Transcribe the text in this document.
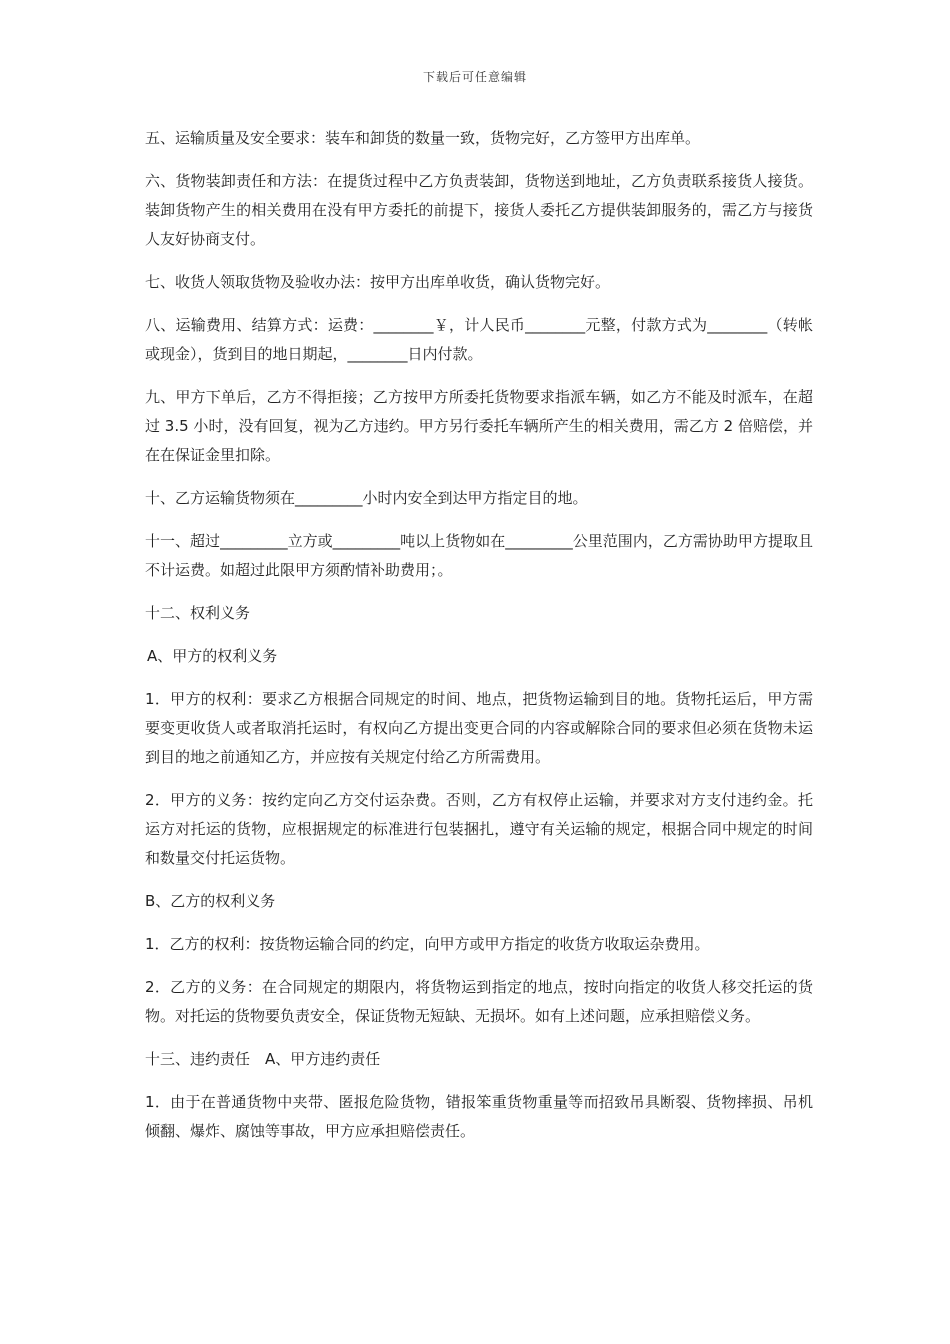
下载后可任意编辑

五、运输质量及安全要求：装车和卸货的数量一致，货物完好，乙方签甲方出库单。

六、货物装卸责任和方法：在提货过程中乙方负责装卸，货物送到地址，乙方负责联系接货人接货。装卸货物产生的相关费用在没有甲方委托的前提下，接货人委托乙方提供装卸服务的，需乙方与接货人友好协商支付。

七、收货人领取货物及验收办法：按甲方出库单收货，确认货物完好。

八、运输费用、结算方式：运费：________￥，计人民币________元整，付款方式为________（转帐或现金），货到目的地日期起，________日内付款。

九、甲方下单后，乙方不得拒接；乙方按甲方所委托货物要求指派车辆，如乙方不能及时派车，在超过 3.5 小时，没有回复，视为乙方违约。甲方另行委托车辆所产生的相关费用，需乙方 2 倍赔偿，并在在保证金里扣除。

十、乙方运输货物须在_________小时内安全到达甲方指定目的地。

十一、超过_________立方或_________吨以上货物如在_________公里范围内，乙方需协助甲方提取且不计运费。如超过此限甲方须酌情补助费用；。

十二、权利义务

A、甲方的权利义务

1．甲方的权利：要求乙方根据合同规定的时间、地点，把货物运输到目的地。货物托运后，甲方需要变更收货人或者取消托运时，有权向乙方提出变更合同的内容或解除合同的要求但必须在货物未运到目的地之前通知乙方，并应按有关规定付给乙方所需费用。

2．甲方的义务：按约定向乙方交付运杂费。否则，乙方有权停止运输，并要求对方支付违约金。托运方对托运的货物，应根据规定的标准进行包装捆扎，遵守有关运输的规定，根据合同中规定的时间和数量交付托运货物。

B、乙方的权利义务

1．乙方的权利：按货物运输合同的约定，向甲方或甲方指定的收货方收取运杂费用。

2．乙方的义务：在合同规定的期限内，将货物运到指定的地点，按时向指定的收货人移交托运的货物。对托运的货物要负责安全，保证货物无短缺、无损坏。如有上述问题，应承担赔偿义务。

十三、违约责任　A、甲方违约责任

1．由于在普通货物中夹带、匿报危险货物，错报笨重货物重量等而招致吊具断裂、货物摔损、吊机倾翻、爆炸、腐蚀等事故，甲方应承担赔偿责任。
